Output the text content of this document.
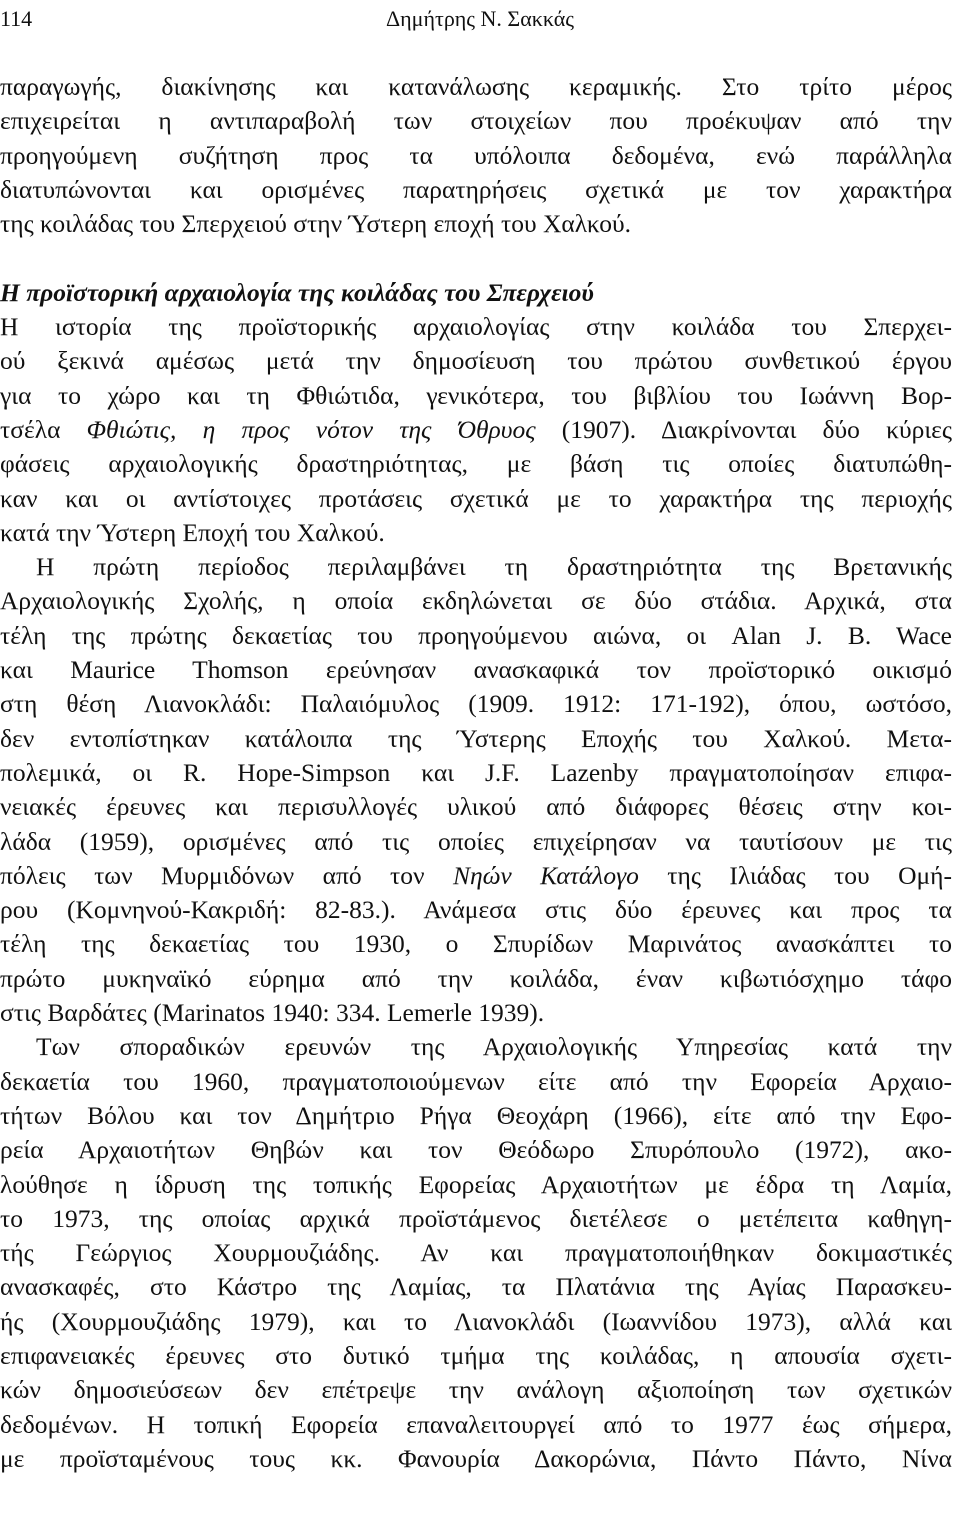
114	Δημήτρης Ν. Σακκάς
παραγωγής, διακίνησης και κατανάλωσης κεραμικής. Στο τρίτο μέρος
επιχειρείται η αντιπαραβολή των στοιχείων που προέκυψαν από την
προηγούμενη συζήτηση προς τα υπόλοιπα δεδομένα, ενώ παράλληλα
διατυπώνονται και ορισμένες παρατηρήσεις σχετικά με τον χαρακτήρα
της κοιλάδας του Σπερχειού στην Ύστερη εποχή του Χαλκού.
Η προϊστορική αρχαιολογία της κοιλάδας του Σπερχειού
Η ιστορία της προϊστορικής αρχαιολογίας στην κοιλάδα του Σπερχει-
ού ξεκινά αμέσως μετά την δημοσίευση του πρώτου συνθετικού έργου
για το χώρο και τη Φθιώτιδα, γενικότερα, του βιβλίου του Ιωάννη Βορ-
τσέλα Φθιώτις, η προς νότον της Όθρυος (1907). Διακρίνονται δύο κύριες
φάσεις αρχαιολογικής δραστηριότητας, με βάση τις οποίες διατυπώθη-
καν και οι αντίστοιχες προτάσεις σχετικά με το χαρακτήρα της περιοχής
κατά την Ύστερη Εποχή του Χαλκού.
Η πρώτη περίοδος περιλαμβάνει τη δραστηριότητα της Βρετανικής
Αρχαιολογικής Σχολής, η οποία εκδηλώνεται σε δύο στάδια. Αρχικά, στα
τέλη της πρώτης δεκαετίας του προηγούμενου αιώνα, οι Alan J. B. Wace
και Maurice Thomson ερεύνησαν ανασκαφικά τον προϊστορικό οικισμό
στη θέση Λιανοκλάδι: Παλαιόμυλος (1909. 1912: 171-192), όπου, ωστόσο,
δεν εντοπίστηκαν κατάλοιπα της Ύστερης Εποχής του Χαλκού. Μετα-
πολεμικά, οι R. Hope-Simpson και J.F. Lazenby πραγματοποίησαν επιφα-
νειακές έρευνες και περισυλλογές υλικού από διάφορες θέσεις στην κοι-
λάδα (1959), ορισμένες από τις οποίες επιχείρησαν να ταυτίσουν με τις
πόλεις των Μυρμιδόνων από τον Νηών Κατάλογο της Ιλιάδας του Ομή-
ρου (Κομνηνού-Κακριδή: 82-83.). Ανάμεσα στις δύο έρευνες και προς τα
τέλη της δεκαετίας του 1930, ο Σπυρίδων Μαρινάτος ανασκάπτει το
πρώτο μυκηναϊκό εύρημα από την κοιλάδα, έναν κιβωτιόσχημο τάφο
στις Βαρδάτες (Marinatos 1940: 334. Lemerle 1939).
Των σποραδικών ερευνών της Αρχαιολογικής Υπηρεσίας κατά την
δεκαετία του 1960, πραγματοποιούμενων είτε από την Εφορεία Αρχαιο-
τήτων Βόλου και τον Δημήτριο Ρήγα Θεοχάρη (1966), είτε από την Εφο-
ρεία Αρχαιοτήτων Θηβών και τον Θεόδωρο Σπυρόπουλο (1972), ακο-
λούθησε η ίδρυση της τοπικής Εφορείας Αρχαιοτήτων με έδρα τη Λαμία,
το 1973, της οποίας αρχικά προϊστάμενος διετέλεσε ο μετέπειτα καθηγη-
τής Γεώργιος Χουρμουζιάδης. Αν και πραγματοποιήθηκαν δοκιμαστικές
ανασκαφές, στο Κάστρο της Λαμίας, τα Πλατάνια της Αγίας Παρασκευ-
ής (Χουρμουζιάδης 1979), και το Λιανοκλάδι (Ιωαννίδου 1973), αλλά και
επιφανειακές έρευνες στο δυτικό τμήμα της κοιλάδας, η απουσία σχετι-
κών δημοσιεύσεων δεν επέτρεψε την ανάλογη αξιοποίηση των σχετικών
δεδομένων. Η τοπική Εφορεία επαναλειτουργεί από το 1977 έως σήμερα,
με προϊσταμένους τους κκ. Φανουρία Δακορώνια, Πάντο Πάντο, Νίνα
